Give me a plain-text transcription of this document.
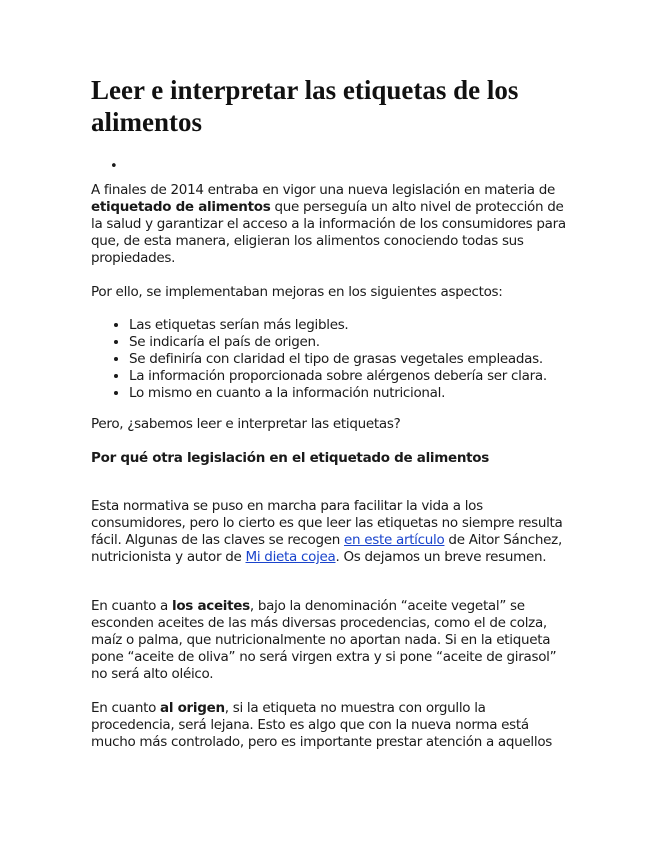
Leer e interpretar las etiquetas de los alimentos
•

A finales de 2014 entraba en vigor una nueva legislación en materia de etiquetado de alimentos que perseguía un alto nivel de protección de la salud y garantizar el acceso a la información de los consumidores para que, de esta manera, eligieran los alimentos conociendo todas sus propiedades.

Por ello, se implementaban mejoras en los siguientes aspectos:

• Las etiquetas serían más legibles.
• Se indicaría el país de origen.
• Se definiría con claridad el tipo de grasas vegetales empleadas.
• La información proporcionada sobre alérgenos debería ser clara.
• Lo mismo en cuanto a la información nutricional.

Pero, ¿sabemos leer e interpretar las etiquetas?

Por qué otra legislación en el etiquetado de alimentos

Esta normativa se puso en marcha para facilitar la vida a los consumidores, pero lo cierto es que leer las etiquetas no siempre resulta fácil. Algunas de las claves se recogen en este artículo de Aitor Sánchez, nutricionista y autor de Mi dieta cojea. Os dejamos un breve resumen.

En cuanto a los aceites, bajo la denominación “aceite vegetal” se esconden aceites de las más diversas procedencias, como el de colza, maíz o palma, que nutricionalmente no aportan nada. Si en la etiqueta pone “aceite de oliva” no será virgen extra y si pone “aceite de girasol” no será alto oléico.

En cuanto al origen, si la etiqueta no muestra con orgullo la procedencia, será lejana. Esto es algo que con la nueva norma está mucho más controlado, pero es importante prestar atención a aquellos
